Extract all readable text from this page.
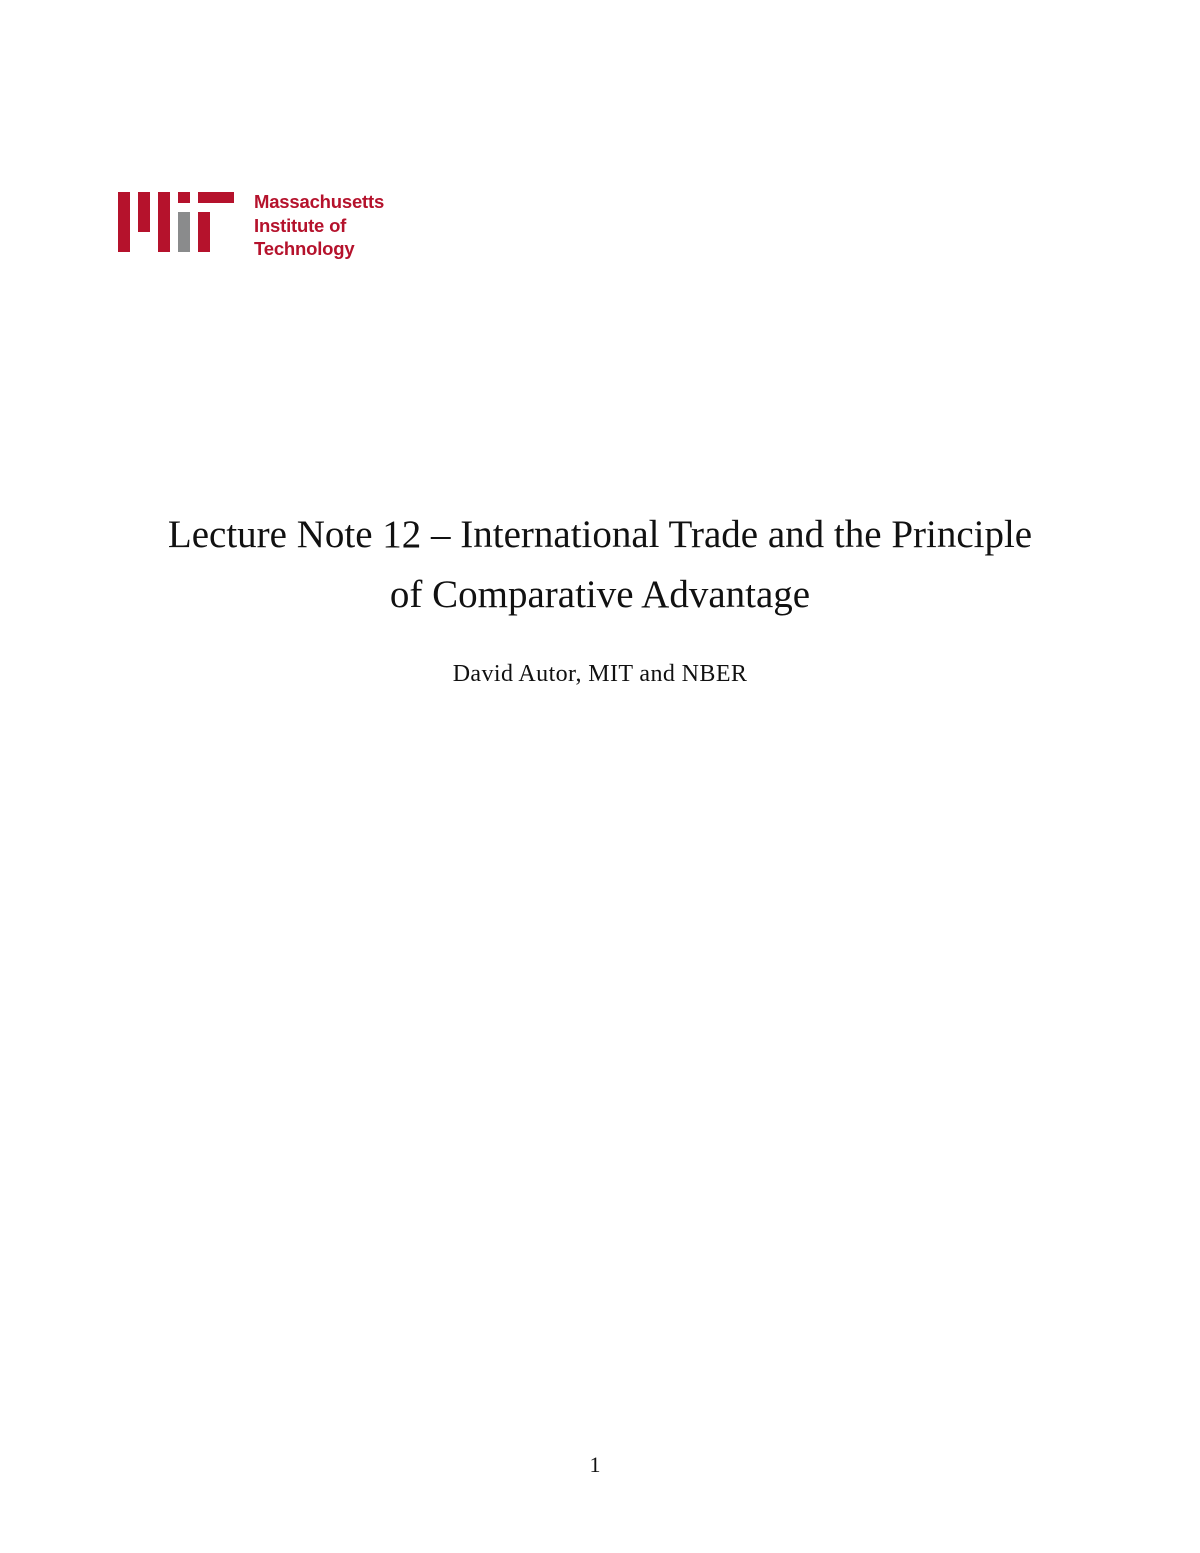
Massachusetts
Institute of
Technology
Lecture Note 12 – International Trade and the Principle
of Comparative Advantage
David Autor, MIT and NBER
1
